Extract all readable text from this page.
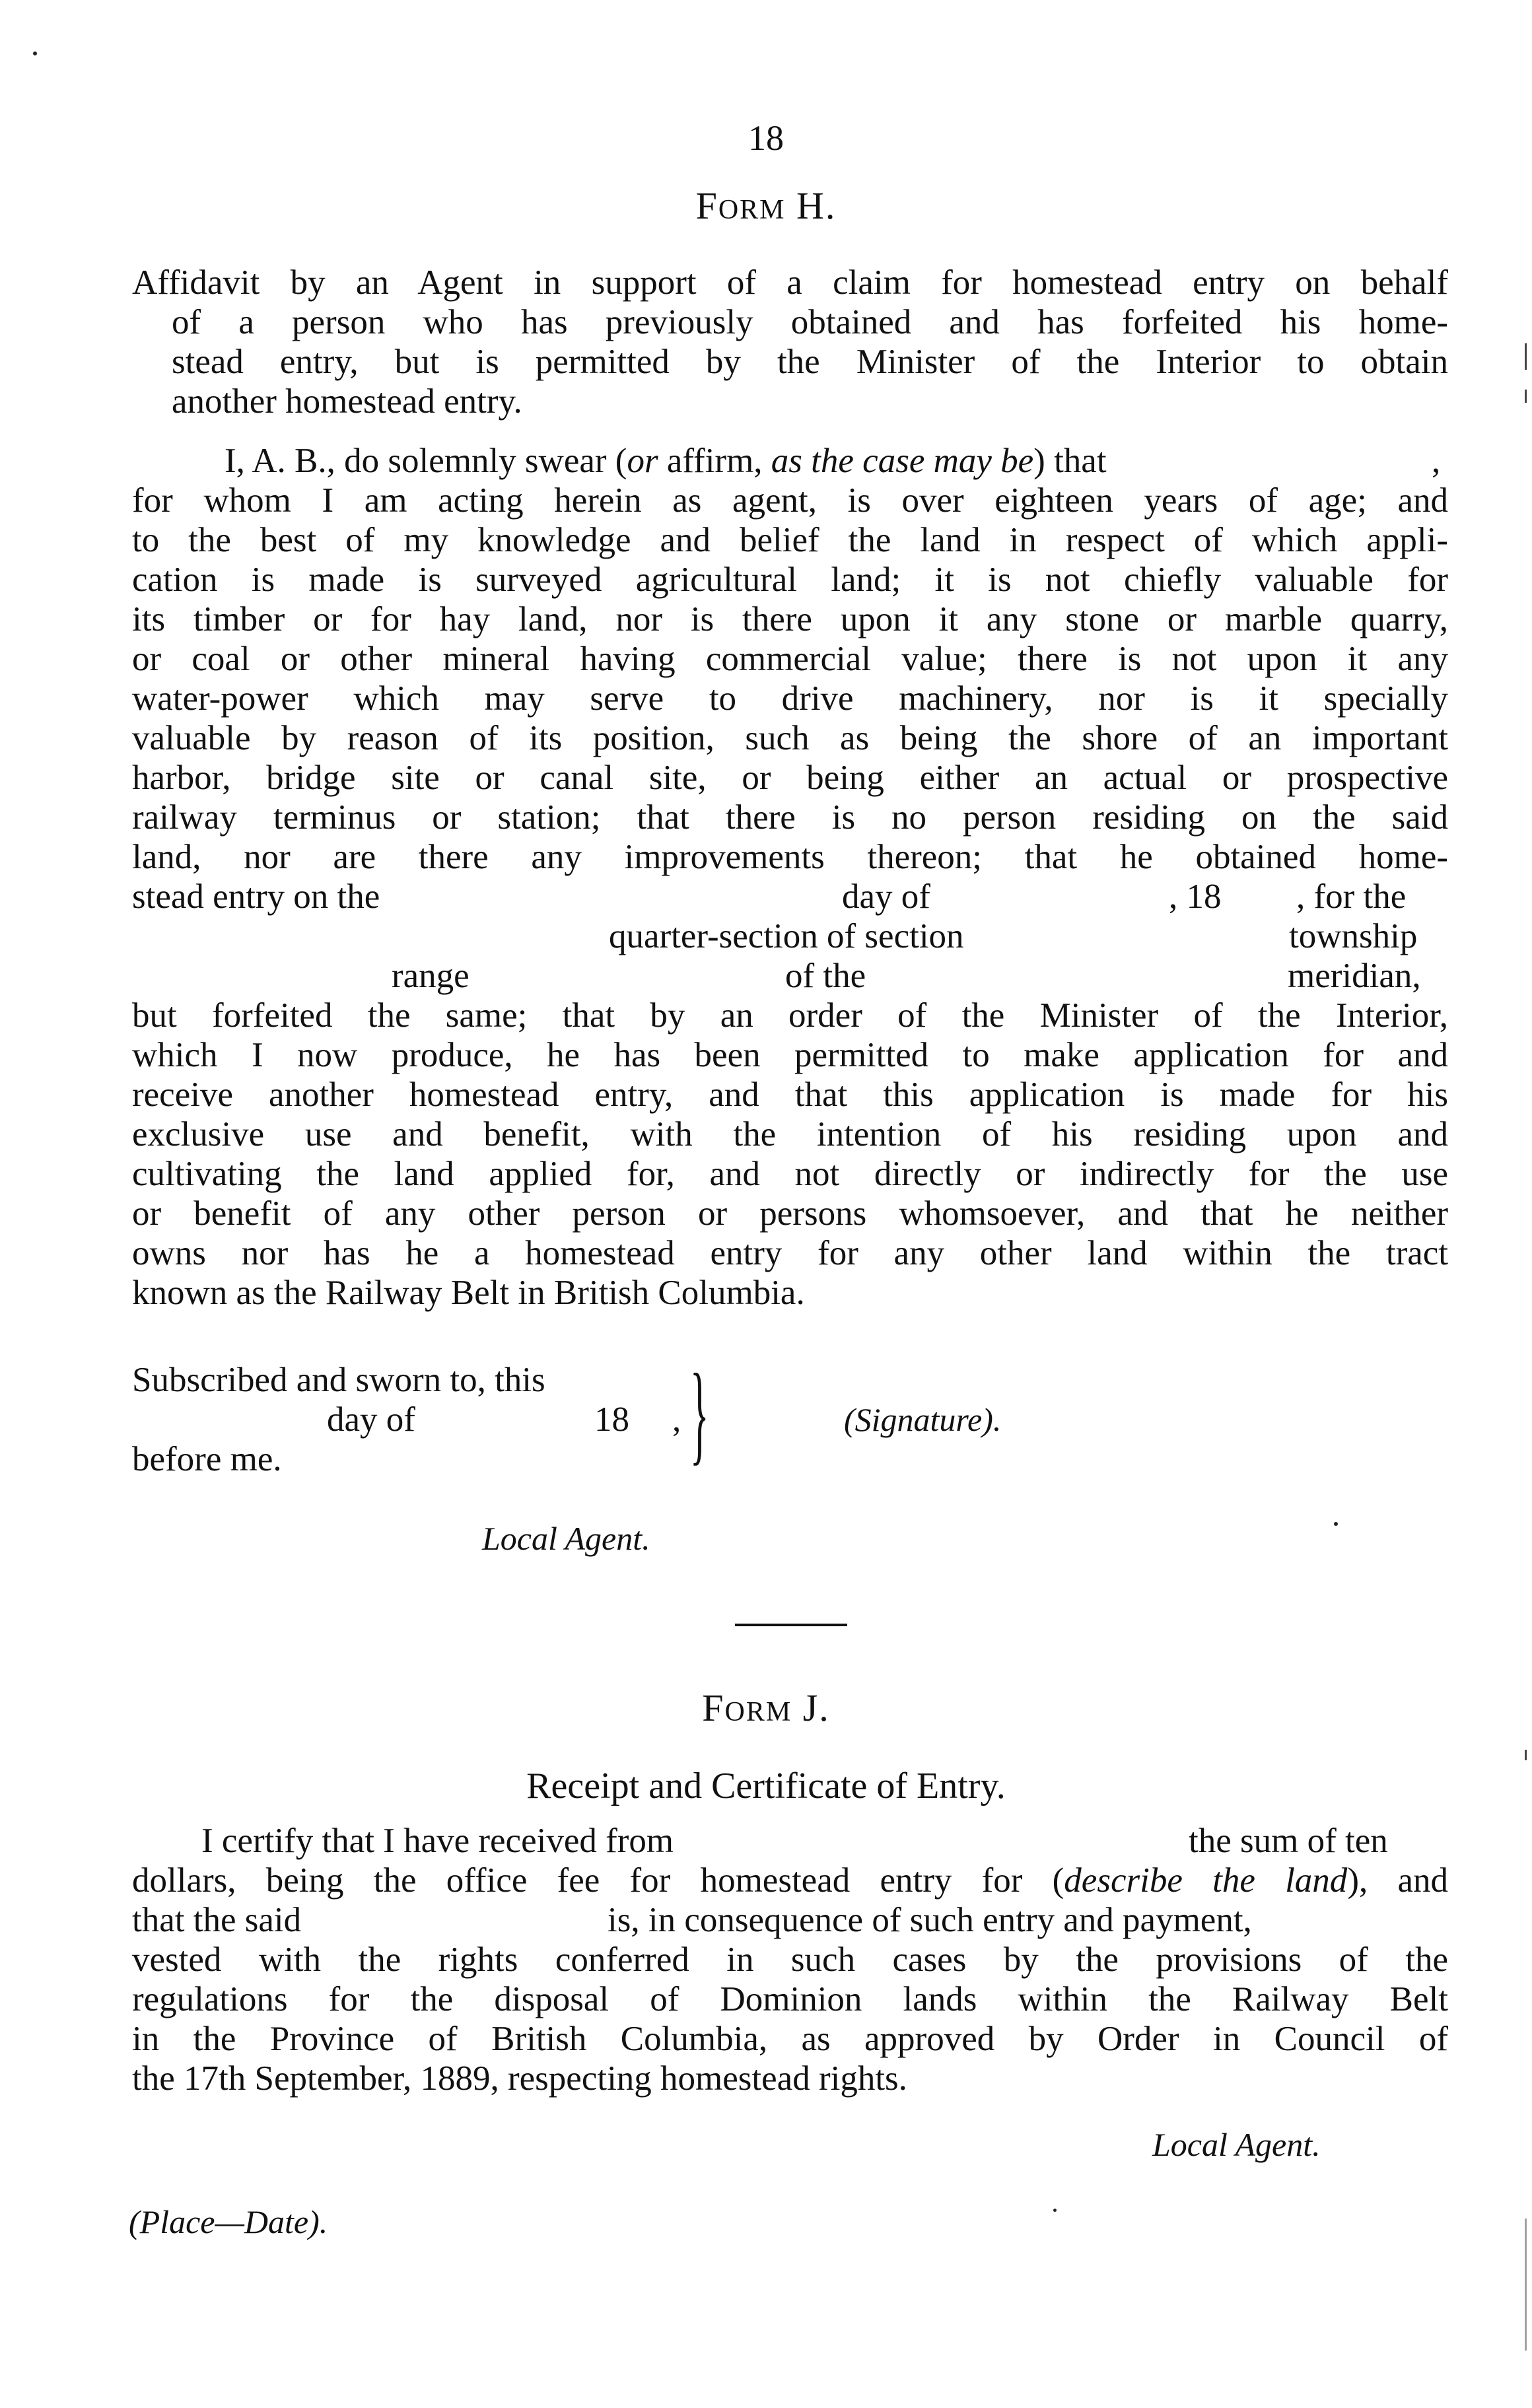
18
FORM H.
Affidavit by an Agent in support of a claim for homestead entry on behalf
of a person who has previously obtained and has forfeited his home-
stead entry, but is permitted by the Minister of the Interior to obtain
another homestead entry.
I, A. B., do solemnly swear (or affirm, as the case may be) that	,
for whom I am acting herein as agent, is over eighteen years of age; and
to the best of my knowledge and belief the land in respect of which appli-
cation is made is surveyed agricultural land; it is not chiefly valuable for
its timber or for hay land, nor is there upon it any stone or marble quarry,
or coal or other mineral having commercial value; there is not upon it any
water-power which may serve to drive machinery, nor is it specially
valuable by reason of its position, such as being the shore of an important
harbor, bridge site or canal site, or being either an actual or prospective
railway terminus or station; that there is no person residing on the said
land, nor are there any improvements thereon; that he obtained home-
stead entry on the	day of	, 18 , for the
quarter-section of section	township
range	of the	meridian,
but forfeited the same; that by an order of the Minister of the Interior,
which I now produce, he has been permitted to make application for and
receive another homestead entry, and that this application is made for his
exclusive use and benefit, with the intention of his residing upon and
cultivating the land applied for, and not directly or indirectly for the use
or benefit of any other person or persons whomsoever, and that he neither
owns nor has he a homestead entry for any other land within the tract
known as the Railway Belt in British Columbia.
Subscribed and sworn to, this
day of	18 ,
before me.	}	(Signature).
Local Agent.
FORM J.
Receipt and Certificate of Entry.
I certify that I have received from	the sum of ten
dollars, being the office fee for homestead entry for (describe the land), and
that the said	is, in consequence of such entry and payment,
vested with the rights conferred in such cases by the provisions of the
regulations for the disposal of Dominion lands within the Railway Belt
in the Province of British Columbia, as approved by Order in Council of
the 17th September, 1889, respecting homestead rights.
Local Agent.
(Place—Date).
